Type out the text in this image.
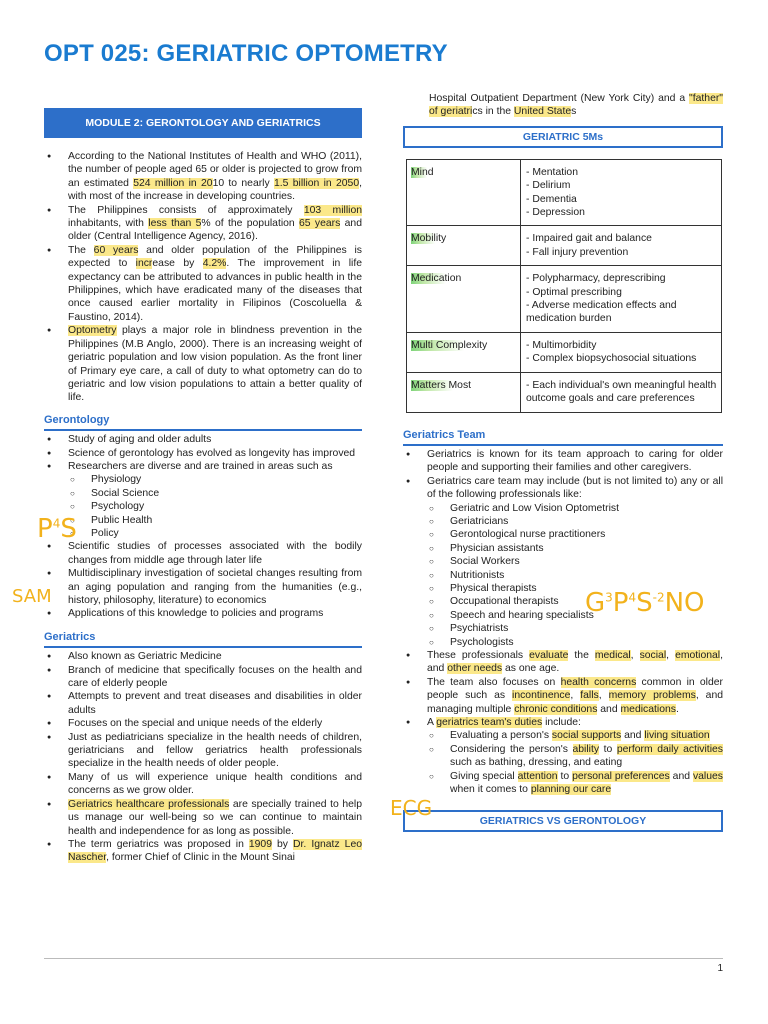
OPT 025: GERIATRIC OPTOMETRY
MODULE 2: GERONTOLOGY AND GERIATRICS
● According to the National Institutes of Health and WHO (2011), the number of people aged 65 or older is projected to grow from an estimated 524 million in 2010 to nearly 1.5 billion in 2050, with most of the increase in developing countries.
● The Philippines consists of approximately 103 million inhabitants, with less than 5% of the population 65 years and older (Central Intelligence Agency, 2016).
● The 60 years and older population of the Philippines is expected to increase by 4.2%. The improvement in life expectancy can be attributed to advances in public health in the Philippines, which have eradicated many of the diseases that once caused earlier mortality in Filipinos (Coscoluella & Faustino, 2014).
● Optometry plays a major role in blindness prevention in the Philippines (M.B Anglo, 2000). There is an increasing weight of geriatric population and low vision population. As the front liner of Primary eye care, a call of duty to what optometry can do to geriatric and low vision populations to attain a better quality of life.
Gerontology
● Study of aging and older adults
● Science of gerontology has evolved as longevity has improved
● Researchers are diverse and are trained in areas such as
○ Physiology
○ Social Science
○ Psychology
○ Public Health
○ Policy
● Scientific studies of processes associated with the bodily changes from middle age through later life
● Multidisciplinary investigation of societal changes resulting from an aging population and ranging from the humanities (e.g., history, philosophy, literature) to economics
● Applications of this knowledge to policies and programs
Geriatrics
● Also known as Geriatric Medicine
● Branch of medicine that specifically focuses on the health and care of elderly people
● Attempts to prevent and treat diseases and disabilities in older adults
● Focuses on the special and unique needs of the elderly
● Just as pediatricians specialize in the health needs of children, geriatricians and fellow geriatrics health professionals specialize in the health needs of older people.
● Many of us will experience unique health conditions and concerns as we grow older.
● Geriatrics healthcare professionals are specially trained to help us manage our well-being so we can continue to maintain health and independence for as long as possible.
● The term geriatrics was proposed in 1909 by Dr. Ignatz Leo Nascher, former Chief of Clinic in the Mount Sinai
Hospital Outpatient Department (New York City) and a "father" of geriatrics in the United States
GERIATRIC 5Ms
Mind	- Mentation
- Delirium
- Dementia
- Depression

Mobility	- Impaired gait and balance
- Fall injury prevention

Medication	- Polypharmacy, deprescribing
- Optimal prescribing
- Adverse medication effects and medication burden

Multi Complexity	- Multimorbidity
- Complex biopsychosocial situations

Matters Most	- Each individual's own meaningful health outcome goals and care preferences
Geriatrics Team
● Geriatrics is known for its team approach to caring for older people and supporting their families and other caregivers.
● Geriatrics care team may include (but is not limited to) any or all of the following professionals like:
○ Geriatric and Low Vision Optometrist
○ Geriatricians
○ Gerontological nurse practitioners
○ Physician assistants
○ Social Workers
○ Nutritionists
○ Physical therapists
○ Occupational therapists
○ Speech and hearing specialists
○ Psychiatrists
○ Psychologists
● These professionals evaluate the medical, social, emotional, and other needs as one age.
● The team also focuses on health concerns common in older people such as incontinence, falls, memory problems, and managing multiple chronic conditions and medications.
● A geriatrics team's duties include:
○ Evaluating a person's social supports and living situation
○ Considering the person's ability to perform daily activities such as bathing, dressing, and eating
○ Giving special attention to personal preferences and values when it comes to planning our care
GERIATRICS VS GERONTOLOGY
$P^4S$
SAM	$G^3P^4S^{-2}NO$
ECG
1
